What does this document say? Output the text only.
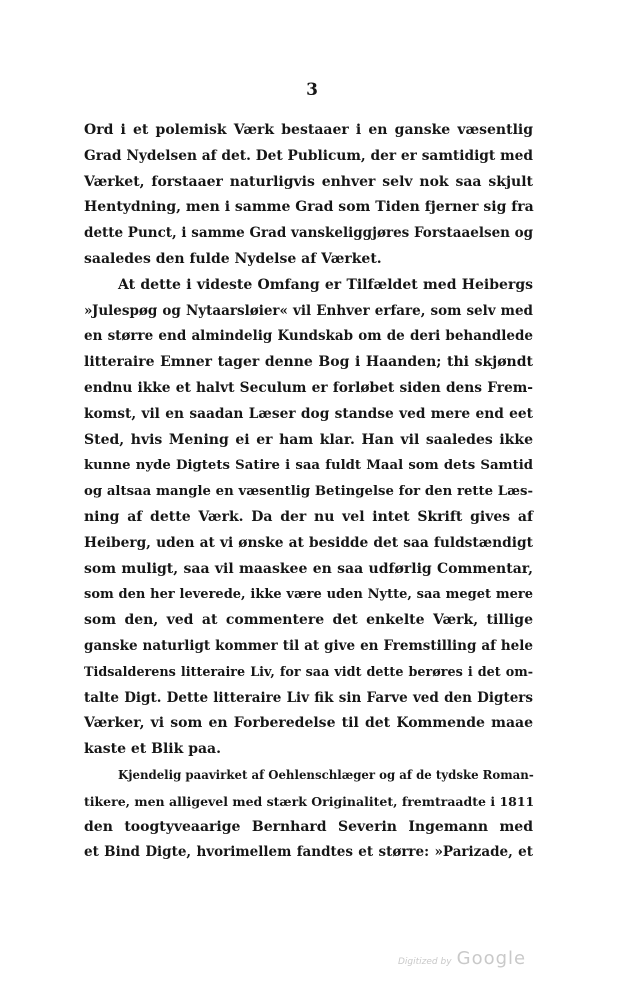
3

Ord i et polemisk Værk bestaaer i en ganske væsentlig
Grad Nydelsen af det. Det Publicum, der er samtidigt med
Værket, forstaaer naturligvis enhver selv nok saa skjult
Hentydning, men i samme Grad som Tiden fjerner sig fra
dette Punct, i samme Grad vanskeliggjøres Forstaaelsen og
saaledes den fulde Nydelse af Værket.

At dette i videste Omfang er Tilfældet med Heibergs
»Julespøg og Nytaarsløier« vil Enhver erfare, som selv med
en større end almindelig Kundskab om de deri behandlede
litteraire Emner tager denne Bog i Haanden; thi skjøndt
endnu ikke et halvt Seculum er forløbet siden dens Frem-
komst, vil en saadan Læser dog standse ved mere end eet
Sted, hvis Mening ei er ham klar. Han vil saaledes ikke
kunne nyde Digtets Satire i saa fuldt Maal som dets Samtid
og altsaa mangle en væsentlig Betingelse for den rette Læs-
ning af dette Værk. Da der nu vel intet Skrift gives af
Heiberg, uden at vi ønske at besidde det saa fuldstændigt
som muligt, saa vil maaskee en saa udførlig Commentar,
som den her leverede, ikke være uden Nytte, saa meget mere
som den, ved at commentere det enkelte Værk, tillige
ganske naturligt kommer til at give en Fremstilling af hele
Tidsalderens litteraire Liv, for saa vidt dette berøres i det om-
talte Digt. Dette litteraire Liv fik sin Farve ved den Digters
Værker, vi som en Forberedelse til det Kommende maae
kaste et Blik paa.

Kjendelig paavirket af Oehlenschlæger og af de tydske Roman-
tikere, men alligevel med stærk Originalitet, fremtraadte i 1811
den toogtyveaarige Bernhard Severin Ingemann med
et Bind Digte, hvorimellem fandtes et større: »Parizade, et

Digitized by Google
